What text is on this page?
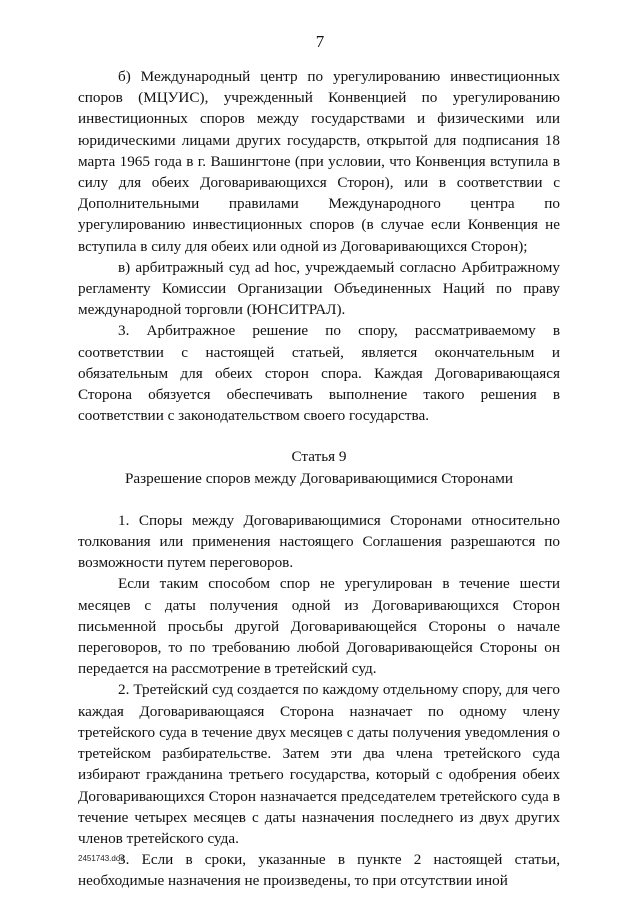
7

б) Международный центр по урегулированию инвестиционных споров (МЦУИС), учрежденный Конвенцией по урегулированию инвестиционных споров между государствами и физическими или юридическими лицами других государств, открытой для подписания 18 марта 1965 года в г. Вашингтоне (при условии, что Конвенция вступила в силу для обеих Договаривающихся Сторон), или в соответствии с Дополнительными правилами Международного центра по урегулированию инвестиционных споров (в случае если Конвенция не вступила в силу для обеих или одной из Договаривающихся Сторон);

в) арбитражный суд ad hoc, учреждаемый согласно Арбитражному регламенту Комиссии Организации Объединенных Наций по праву международной торговли (ЮНСИТРАЛ).

3. Арбитражное решение по спору, рассматриваемому в соответствии с настоящей статьей, является окончательным и обязательным для обеих сторон спора. Каждая Договаривающаяся Сторона обязуется обеспечивать выполнение такого решения в соответствии с законодательством своего государства.

Статья 9
Разрешение споров между Договаривающимися Сторонами

1. Споры между Договаривающимися Сторонами относительно толкования или применения настоящего Соглашения разрешаются по возможности путем переговоров.

Если таким способом спор не урегулирован в течение шести месяцев с даты получения одной из Договаривающихся Сторон письменной просьбы другой Договаривающейся Стороны о начале переговоров, то по требованию любой Договаривающейся Стороны он передается на рассмотрение в третейский суд.

2. Третейский суд создается по каждому отдельному спору, для чего каждая Договаривающаяся Сторона назначает по одному члену третейского суда в течение двух месяцев с даты получения уведомления о третейском разбирательстве. Затем эти два члена третейского суда избирают гражданина третьего государства, который с одобрения обеих Договаривающихся Сторон назначается председателем третейского суда в течение четырех месяцев с даты назначения последнего из двух других членов третейского суда.

3. Если в сроки, указанные в пункте 2 настоящей статьи, необходимые назначения не произведены, то при отсутствии иной

2451743.doc
